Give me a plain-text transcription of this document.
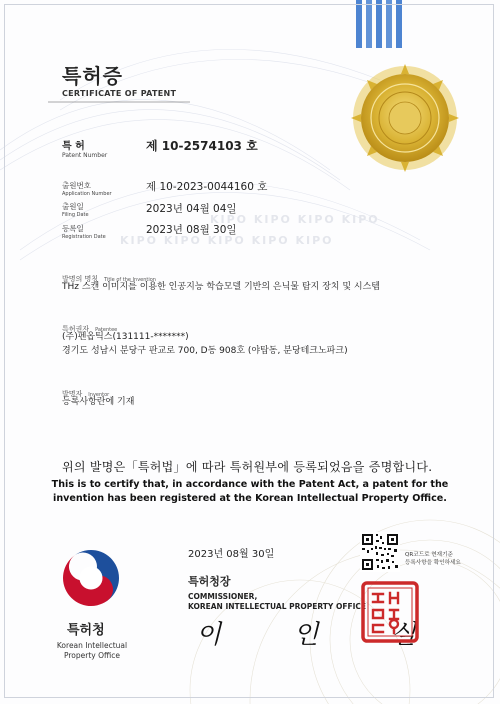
KIPO KIPO KIPO KIPO
KIPO KIPO KIPO KIPO KIPO
특허증
CERTIFICATE OF PATENT
특 허
Patent Number
제 10-2574103 호
출원번호
Application Number
제 10-2023-0044160 호
출원일
Filing Date	2023년 04월 04일
등록일
Registration Date
2023년 08월 30일
발명의 명칭 Title of the Invention
THz 스캔 이미지를 이용한 인공지능 학습모델 기반의 은닉물 탐지 장치 및 시스템
특허권자 Patentee
(주)펜옵틱스(131111-*******)
경기도 성남시 분당구 판교로 700, D동 908호 (야탑동, 분당테크노파크)
발명자 Inventor
등록사항란에 기재
위의 발명은「특허법」에 따라 특허원부에 등록되었음을 증명합니다.
This is to certify that, in accordance with the Patent Act, a patent for the invention has been registered at the Korean Intellectual Property Office.
2023년 08월 30일
특허청
Korean Intellectual
Property Office
특허청장
COMMISSIONER,
KOREAN INTELLECTUAL PROPERTY OFFICE
이 인 실
QR코드로 현재기준
등록사항을 확인하세요
